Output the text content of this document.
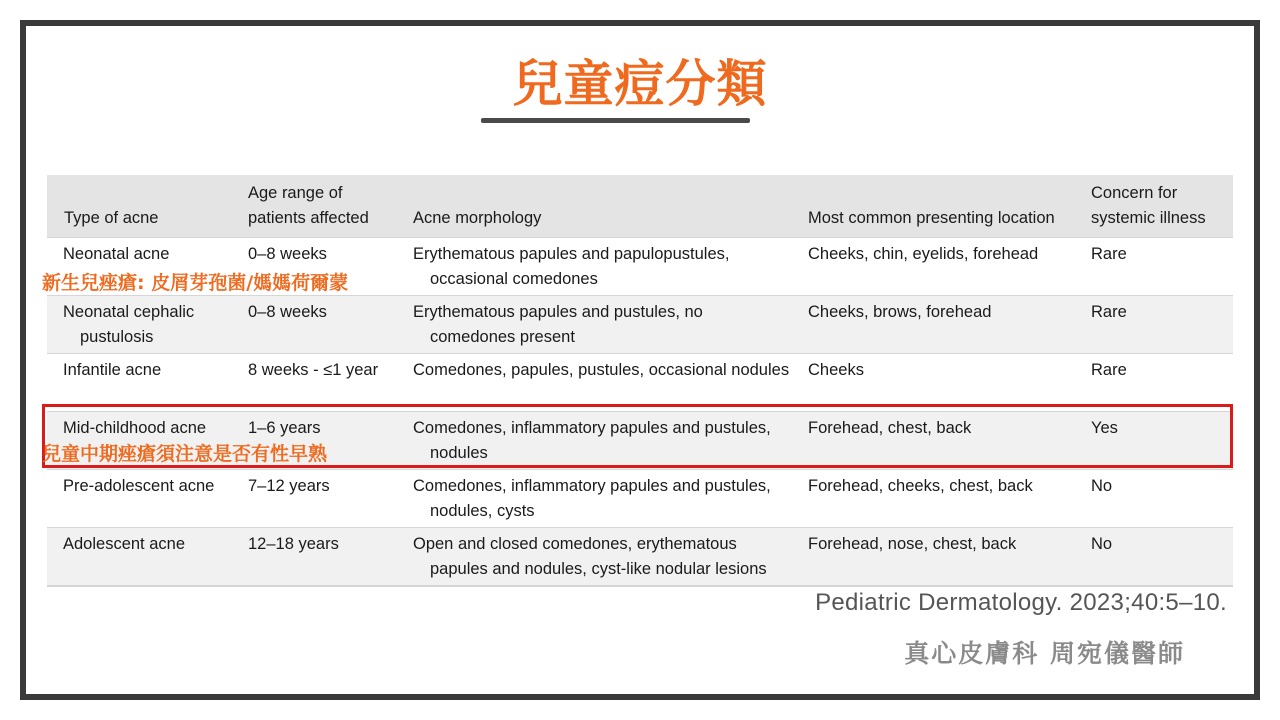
兒童痘分類
Type of acne	Age range of patients affected	Acne morphology	Most common presenting location	Concern for systemic illness

Neonatal acne	0–8 weeks	Erythematous papules and papulopustules, occasional comedones	Cheeks, chin, eyelids, forehead	Rare

Neonatal cephalic pustulosis	0–8 weeks	Erythematous papules and pustules, no comedones present	Cheeks, brows, forehead	Rare

Infantile acne	8 weeks - ≤1 year	Comedones, papules, pustules, occasional nodules	Cheeks	Rare

Mid-childhood acne	1–6 years	Comedones, inflammatory papules and pustules, nodules	Forehead, chest, back	Yes

Pre-adolescent acne	7–12 years	Comedones, inflammatory papules and pustules, nodules, cysts	Forehead, cheeks, chest, back	No

Adolescent acne	12–18 years	Open and closed comedones, erythematous papules and nodules, cyst-like nodular lesions	Forehead, nose, chest, back	No
新生兒痤瘡: 皮屑芽孢菌/媽媽荷爾蒙
兒童中期痤瘡須注意是否有性早熟
Pediatric Dermatology. 2023;40:5–10.
真心皮膚科 周宛儀醫師
